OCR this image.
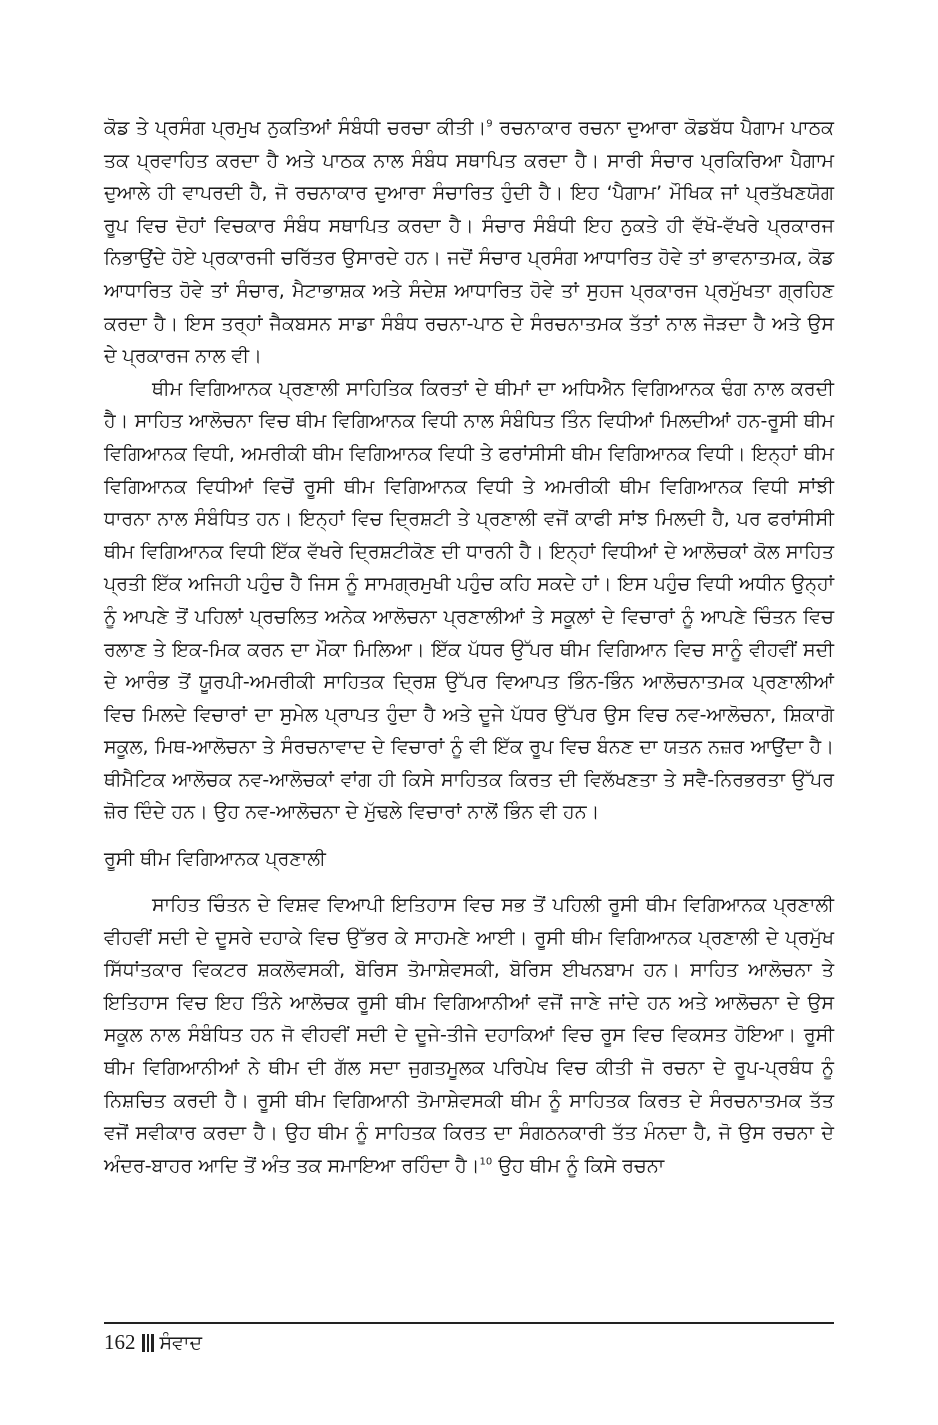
ਕੋਡ ਤੇ ਪ੍ਰਸੰਗ ਪ੍ਰਮੁਖ ਨੁਕਤਿਆਂ ਸੰਬੰਧੀ ਚਰਚਾ ਕੀਤੀ।$^9$ ਰਚਨਾਕਾਰ ਰਚਨਾ ਦੁਆਰਾ ਕੋਡਬੱਧ ਪੈਗਾਮ ਪਾਠਕ ਤਕ ਪ੍ਰਵਾਹਿਤ ਕਰਦਾ ਹੈ ਅਤੇ ਪਾਠਕ ਨਾਲ ਸੰਬੰਧ ਸਥਾਪਿਤ ਕਰਦਾ ਹੈ। ਸਾਰੀ ਸੰਚਾਰ ਪ੍ਰਕਿਰਿਆ ਪੈਗਾਮ ਦੁਆਲੇ ਹੀ ਵਾਪਰਦੀ ਹੈ, ਜੋ ਰਚਨਾਕਾਰ ਦੁਆਰਾ ਸੰਚਾਰਿਤ ਹੁੰਦੀ ਹੈ। ਇਹ ‘ਪੈਗਾਮ’ ਮੌਖਿਕ ਜਾਂ ਪ੍ਰਤੱਖਣਯੋਗ ਰੂਪ ਵਿਚ ਦੋਹਾਂ ਵਿਚਕਾਰ ਸੰਬੰਧ ਸਥਾਪਿਤ ਕਰਦਾ ਹੈ। ਸੰਚਾਰ ਸੰਬੰਧੀ ਇਹ ਨੁਕਤੇ ਹੀ ਵੱਖੋ-ਵੱਖਰੇ ਪ੍ਰਕਾਰਜ ਨਿਭਾਉਂਦੇ ਹੋਏ ਪ੍ਰਕਾਰਜੀ ਚਰਿੱਤਰ ਉਸਾਰਦੇ ਹਨ। ਜਦੋਂ ਸੰਚਾਰ ਪ੍ਰਸੰਗ ਆਧਾਰਿਤ ਹੋਵੇ ਤਾਂ ਭਾਵਨਾਤਮਕ, ਕੋਡ ਆਧਾਰਿਤ ਹੋਵੇ ਤਾਂ ਸੰਚਾਰ, ਮੈਟਾਭਾਸ਼ਕ ਅਤੇ ਸੰਦੇਸ਼ ਆਧਾਰਿਤ ਹੋਵੇ ਤਾਂ ਸੁਹਜ ਪ੍ਰਕਾਰਜ ਪ੍ਰਮੁੱਖਤਾ ਗ੍ਰਹਿਣ ਕਰਦਾ ਹੈ। ਇਸ ਤਰ੍ਹਾਂ ਜੈਕਬਸਨ ਸਾਡਾ ਸੰਬੰਧ ਰਚਨਾ-ਪਾਠ ਦੇ ਸੰਰਚਨਾਤਮਕ ਤੱਤਾਂ ਨਾਲ ਜੋੜਦਾ ਹੈ ਅਤੇ ਉਸ ਦੇ ਪ੍ਰਕਾਰਜ ਨਾਲ ਵੀ।

ਥੀਮ ਵਿਗਿਆਨਕ ਪ੍ਰਣਾਲੀ ਸਾਹਿਤਿਕ ਕਿਰਤਾਂ ਦੇ ਥੀਮਾਂ ਦਾ ਅਧਿਐਨ ਵਿਗਿਆਨਕ ਢੰਗ ਨਾਲ ਕਰਦੀ ਹੈ। ਸਾਹਿਤ ਆਲੋਚਨਾ ਵਿਚ ਥੀਮ ਵਿਗਿਆਨਕ ਵਿਧੀ ਨਾਲ ਸੰਬੰਧਿਤ ਤਿੰਨ ਵਿਧੀਆਂ ਮਿਲਦੀਆਂ ਹਨ-ਰੂਸੀ ਥੀਮ ਵਿਗਿਆਨਕ ਵਿਧੀ, ਅਮਰੀਕੀ ਥੀਮ ਵਿਗਿਆਨਕ ਵਿਧੀ ਤੇ ਫਰਾਂਸੀਸੀ ਥੀਮ ਵਿਗਿਆਨਕ ਵਿਧੀ। ਇਨ੍ਹਾਂ ਥੀਮ ਵਿਗਿਆਨਕ ਵਿਧੀਆਂ ਵਿਚੋਂ ਰੂਸੀ ਥੀਮ ਵਿਗਿਆਨਕ ਵਿਧੀ ਤੇ ਅਮਰੀਕੀ ਥੀਮ ਵਿਗਿਆਨਕ ਵਿਧੀ ਸਾਂਝੀ ਧਾਰਨਾ ਨਾਲ ਸੰਬੰਧਿਤ ਹਨ। ਇਨ੍ਹਾਂ ਵਿਚ ਦ੍ਰਿਸ਼ਟੀ ਤੇ ਪ੍ਰਣਾਲੀ ਵਜੋਂ ਕਾਫੀ ਸਾਂਝ ਮਿਲਦੀ ਹੈ, ਪਰ ਫਰਾਂਸੀਸੀ ਥੀਮ ਵਿਗਿਆਨਕ ਵਿਧੀ ਇੱਕ ਵੱਖਰੇ ਦ੍ਰਿਸ਼ਟੀਕੋਣ ਦੀ ਧਾਰਨੀ ਹੈ। ਇਨ੍ਹਾਂ ਵਿਧੀਆਂ ਦੇ ਆਲੋਚਕਾਂ ਕੋਲ ਸਾਹਿਤ ਪ੍ਰਤੀ ਇੱਕ ਅਜਿਹੀ ਪਹੁੰਚ ਹੈ ਜਿਸ ਨੂੰ ਸਾਮਗ੍ਰਮੁਖੀ ਪਹੁੰਚ ਕਹਿ ਸਕਦੇ ਹਾਂ। ਇਸ ਪਹੁੰਚ ਵਿਧੀ ਅਧੀਨ ਉਨ੍ਹਾਂ ਨੂੰ ਆਪਣੇ ਤੋਂ ਪਹਿਲਾਂ ਪ੍ਰਚਲਿਤ ਅਨੇਕ ਆਲੋਚਨਾ ਪ੍ਰਣਾਲੀਆਂ ਤੇ ਸਕੂਲਾਂ ਦੇ ਵਿਚਾਰਾਂ ਨੂੰ ਆਪਣੇ ਚਿੰਤਨ ਵਿਚ ਰਲਾਣ ਤੇ ਇਕ-ਮਿਕ ਕਰਨ ਦਾ ਮੌਕਾ ਮਿਲਿਆ। ਇੱਕ ਪੱਧਰ ਉੱਪਰ ਥੀਮ ਵਿਗਿਆਨ ਵਿਚ ਸਾਨੂੰ ਵੀਹਵੀਂ ਸਦੀ ਦੇ ਆਰੰਭ ਤੋਂ ਯੂਰਪੀ-ਅਮਰੀਕੀ ਸਾਹਿਤਕ ਦ੍ਰਿਸ਼ ਉੱਪਰ ਵਿਆਪਤ ਭਿੰਨ-ਭਿੰਨ ਆਲੋਚਨਾਤਮਕ ਪ੍ਰਣਾਲੀਆਂ ਵਿਚ ਮਿਲਦੇ ਵਿਚਾਰਾਂ ਦਾ ਸੁਮੇਲ ਪ੍ਰਾਪਤ ਹੁੰਦਾ ਹੈ ਅਤੇ ਦੂਜੇ ਪੱਧਰ ਉੱਪਰ ਉਸ ਵਿਚ ਨਵ-ਆਲੋਚਨਾ, ਸ਼ਿਕਾਗੋ ਸਕੂਲ, ਮਿਥ-ਆਲੋਚਨਾ ਤੇ ਸੰਰਚਨਾਵਾਦ ਦੇ ਵਿਚਾਰਾਂ ਨੂੰ ਵੀ ਇੱਕ ਰੂਪ ਵਿਚ ਬੰਨਣ ਦਾ ਯਤਨ ਨਜ਼ਰ ਆਉਂਦਾ ਹੈ। ਥੀਮੈਟਿਕ ਆਲੋਚਕ ਨਵ-ਆਲੋਚਕਾਂ ਵਾਂਗ ਹੀ ਕਿਸੇ ਸਾਹਿਤਕ ਕਿਰਤ ਦੀ ਵਿਲੱਖਣਤਾ ਤੇ ਸਵੈ-ਨਿਰਭਰਤਾ ਉੱਪਰ ਜ਼ੋਰ ਦਿੰਦੇ ਹਨ। ਉਹ ਨਵ-ਆਲੋਚਨਾ ਦੇ ਮੁੱਢਲੇ ਵਿਚਾਰਾਂ ਨਾਲੋਂ ਭਿੰਨ ਵੀ ਹਨ।

ਰੂਸੀ ਥੀਮ ਵਿਗਿਆਨਕ ਪ੍ਰਣਾਲੀ

ਸਾਹਿਤ ਚਿੰਤਨ ਦੇ ਵਿਸ਼ਵ ਵਿਆਪੀ ਇਤਿਹਾਸ ਵਿਚ ਸਭ ਤੋਂ ਪਹਿਲੀ ਰੂਸੀ ਥੀਮ ਵਿਗਿਆਨਕ ਪ੍ਰਣਾਲੀ ਵੀਹਵੀਂ ਸਦੀ ਦੇ ਦੂਸਰੇ ਦਹਾਕੇ ਵਿਚ ਉੱਭਰ ਕੇ ਸਾਹਮਣੇ ਆਈ। ਰੂਸੀ ਥੀਮ ਵਿਗਿਆਨਕ ਪ੍ਰਣਾਲੀ ਦੇ ਪ੍ਰਮੁੱਖ ਸਿੱਧਾਂਤਕਾਰ ਵਿਕਟਰ ਸ਼ਕਲੋਵਸਕੀ, ਬੋਰਿਸ ਤੋਮਾਸ਼ੇਵਸਕੀ, ਬੋਰਿਸ ਈਖਨਬਾਮ ਹਨ। ਸਾਹਿਤ ਆਲੋਚਨਾ ਤੇ ਇਤਿਹਾਸ ਵਿਚ ਇਹ ਤਿੰਨੇ ਆਲੋਚਕ ਰੂਸੀ ਥੀਮ ਵਿਗਿਆਨੀਆਂ ਵਜੋਂ ਜਾਣੇ ਜਾਂਦੇ ਹਨ ਅਤੇ ਆਲੋਚਨਾ ਦੇ ਉਸ ਸਕੂਲ ਨਾਲ ਸੰਬੰਧਿਤ ਹਨ ਜੋ ਵੀਹਵੀਂ ਸਦੀ ਦੇ ਦੂਜੇ-ਤੀਜੇ ਦਹਾਕਿਆਂ ਵਿਚ ਰੂਸ ਵਿਚ ਵਿਕਸਤ ਹੋਇਆ। ਰੂਸੀ ਥੀਮ ਵਿਗਿਆਨੀਆਂ ਨੇ ਥੀਮ ਦੀ ਗੱਲ ਸਦਾ ਜੁਗਤਮੂਲਕ ਪਰਿਪੇਖ ਵਿਚ ਕੀਤੀ ਜੋ ਰਚਨਾ ਦੇ ਰੂਪ-ਪ੍ਰਬੰਧ ਨੂੰ ਨਿਸ਼ਚਿਤ ਕਰਦੀ ਹੈ। ਰੂਸੀ ਥੀਮ ਵਿਗਿਆਨੀ ਤੋਮਾਸ਼ੇਵਸਕੀ ਥੀਮ ਨੂੰ ਸਾਹਿਤਕ ਕਿਰਤ ਦੇ ਸੰਰਚਨਾਤਮਕ ਤੱਤ ਵਜੋਂ ਸਵੀਕਾਰ ਕਰਦਾ ਹੈ। ਉਹ ਥੀਮ ਨੂੰ ਸਾਹਿਤਕ ਕਿਰਤ ਦਾ ਸੰਗਠਨਕਾਰੀ ਤੱਤ ਮੰਨਦਾ ਹੈ, ਜੋ ਉਸ ਰਚਨਾ ਦੇ ਅੰਦਰ-ਬਾਹਰ ਆਦਿ ਤੋਂ ਅੰਤ ਤਕ ਸਮਾਇਆ ਰਹਿੰਦਾ ਹੈ।$^{10}$ ਉਹ ਥੀਮ ਨੂੰ ਕਿਸੇ ਰਚਨਾ

162 ਸੰਵਾਦ
